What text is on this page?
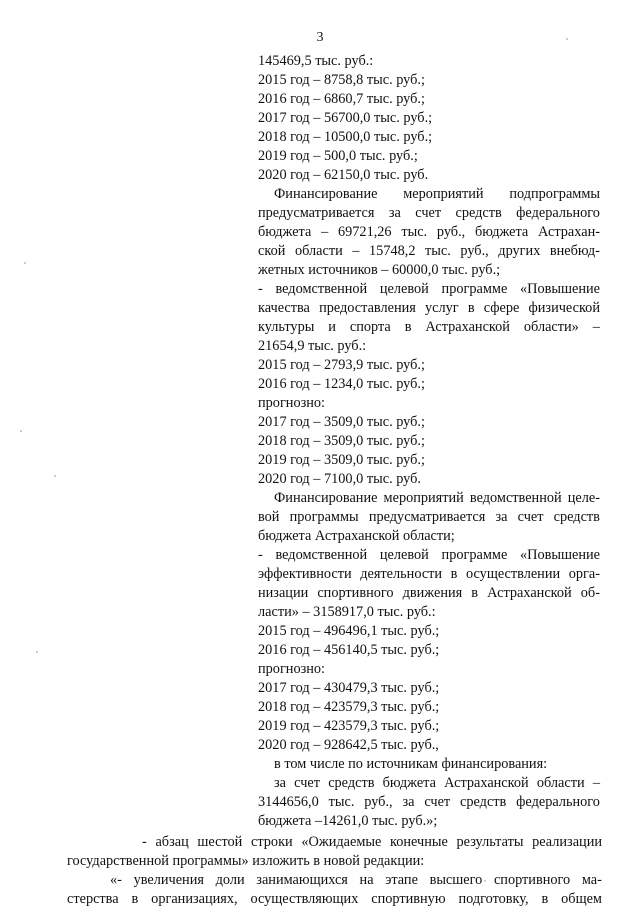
3
145469,5 тыс. руб.:
2015 год – 8758,8 тыс. руб.;
2016 год – 6860,7 тыс. руб.;
2017 год – 56700,0 тыс. руб.;
2018 год – 10500,0 тыс. руб.;
2019 год – 500,0 тыс. руб.;
2020 год – 62150,0 тыс. руб.
Финансирование мероприятий подпрограммы
предусматривается за счет средств федерального
бюджета – 69721,26 тыс. руб., бюджета Астрахан-
ской области – 15748,2 тыс. руб., других внебюд-
жетных источников – 60000,0 тыс. руб.;
- ведомственной целевой программе «Повышение
качества предоставления услуг в сфере физической
культуры и спорта в Астраханской области» –
21654,9 тыс. руб.:
2015 год – 2793,9 тыс. руб.;
2016 год – 1234,0 тыс. руб.;
прогнозно:
2017 год – 3509,0 тыс. руб.;
2018 год – 3509,0 тыс. руб.;
2019 год – 3509,0 тыс. руб.;
2020 год – 7100,0 тыс. руб.
Финансирование мероприятий ведомственной целе-
вой программы предусматривается за счет средств
бюджета Астраханской области;
- ведомственной целевой программе «Повышение
эффективности деятельности в осуществлении орга-
низации спортивного движения в Астраханской об-
ласти» – 3158917,0 тыс. руб.:
2015 год – 496496,1 тыс. руб.;
2016 год – 456140,5 тыс. руб.;
прогнозно:
2017 год – 430479,3 тыс. руб.;
2018 год – 423579,3 тыс. руб.;
2019 год – 423579,3 тыс. руб.;
2020 год – 928642,5 тыс. руб.,
в том числе по источникам финансирования:
за счет средств бюджета Астраханской области –
3144656,0 тыс. руб., за счет средств федерального
бюджета –14261,0 тыс. руб.»;
- абзац шестой строки «Ожидаемые конечные результаты реализации
государственной программы» изложить в новой редакции:
«- увеличения доли занимающихся на этапе высшего спортивного ма-
стерства в организациях, осуществляющих спортивную подготовку, в общем
